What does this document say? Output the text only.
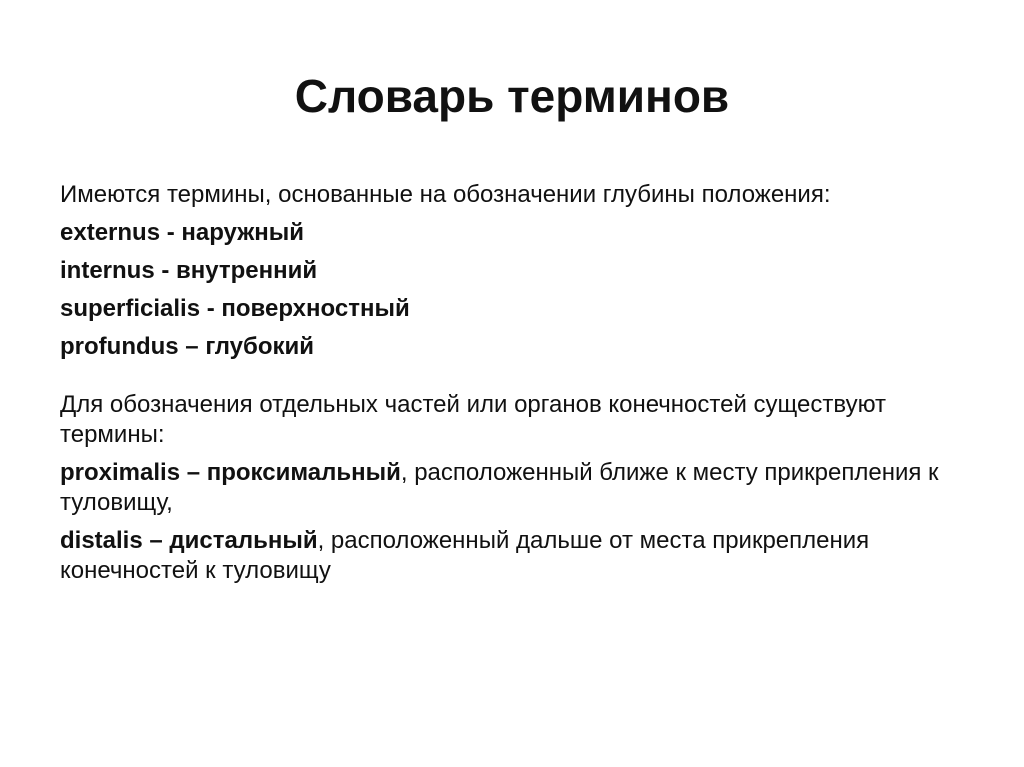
Словарь терминов
Имеются термины, основанные на обозначении глубины положения:
externus - наружный
internus - внутренний
superficialis - поверхностный
profundus – глубокий
Для обозначения отдельных частей или органов конечностей существуют термины:
proximalis – проксимальный, расположенный ближе к месту прикрепления к туловищу,
distalis – дистальный, расположенный дальше от места прикрепления конечностей к туловищу
